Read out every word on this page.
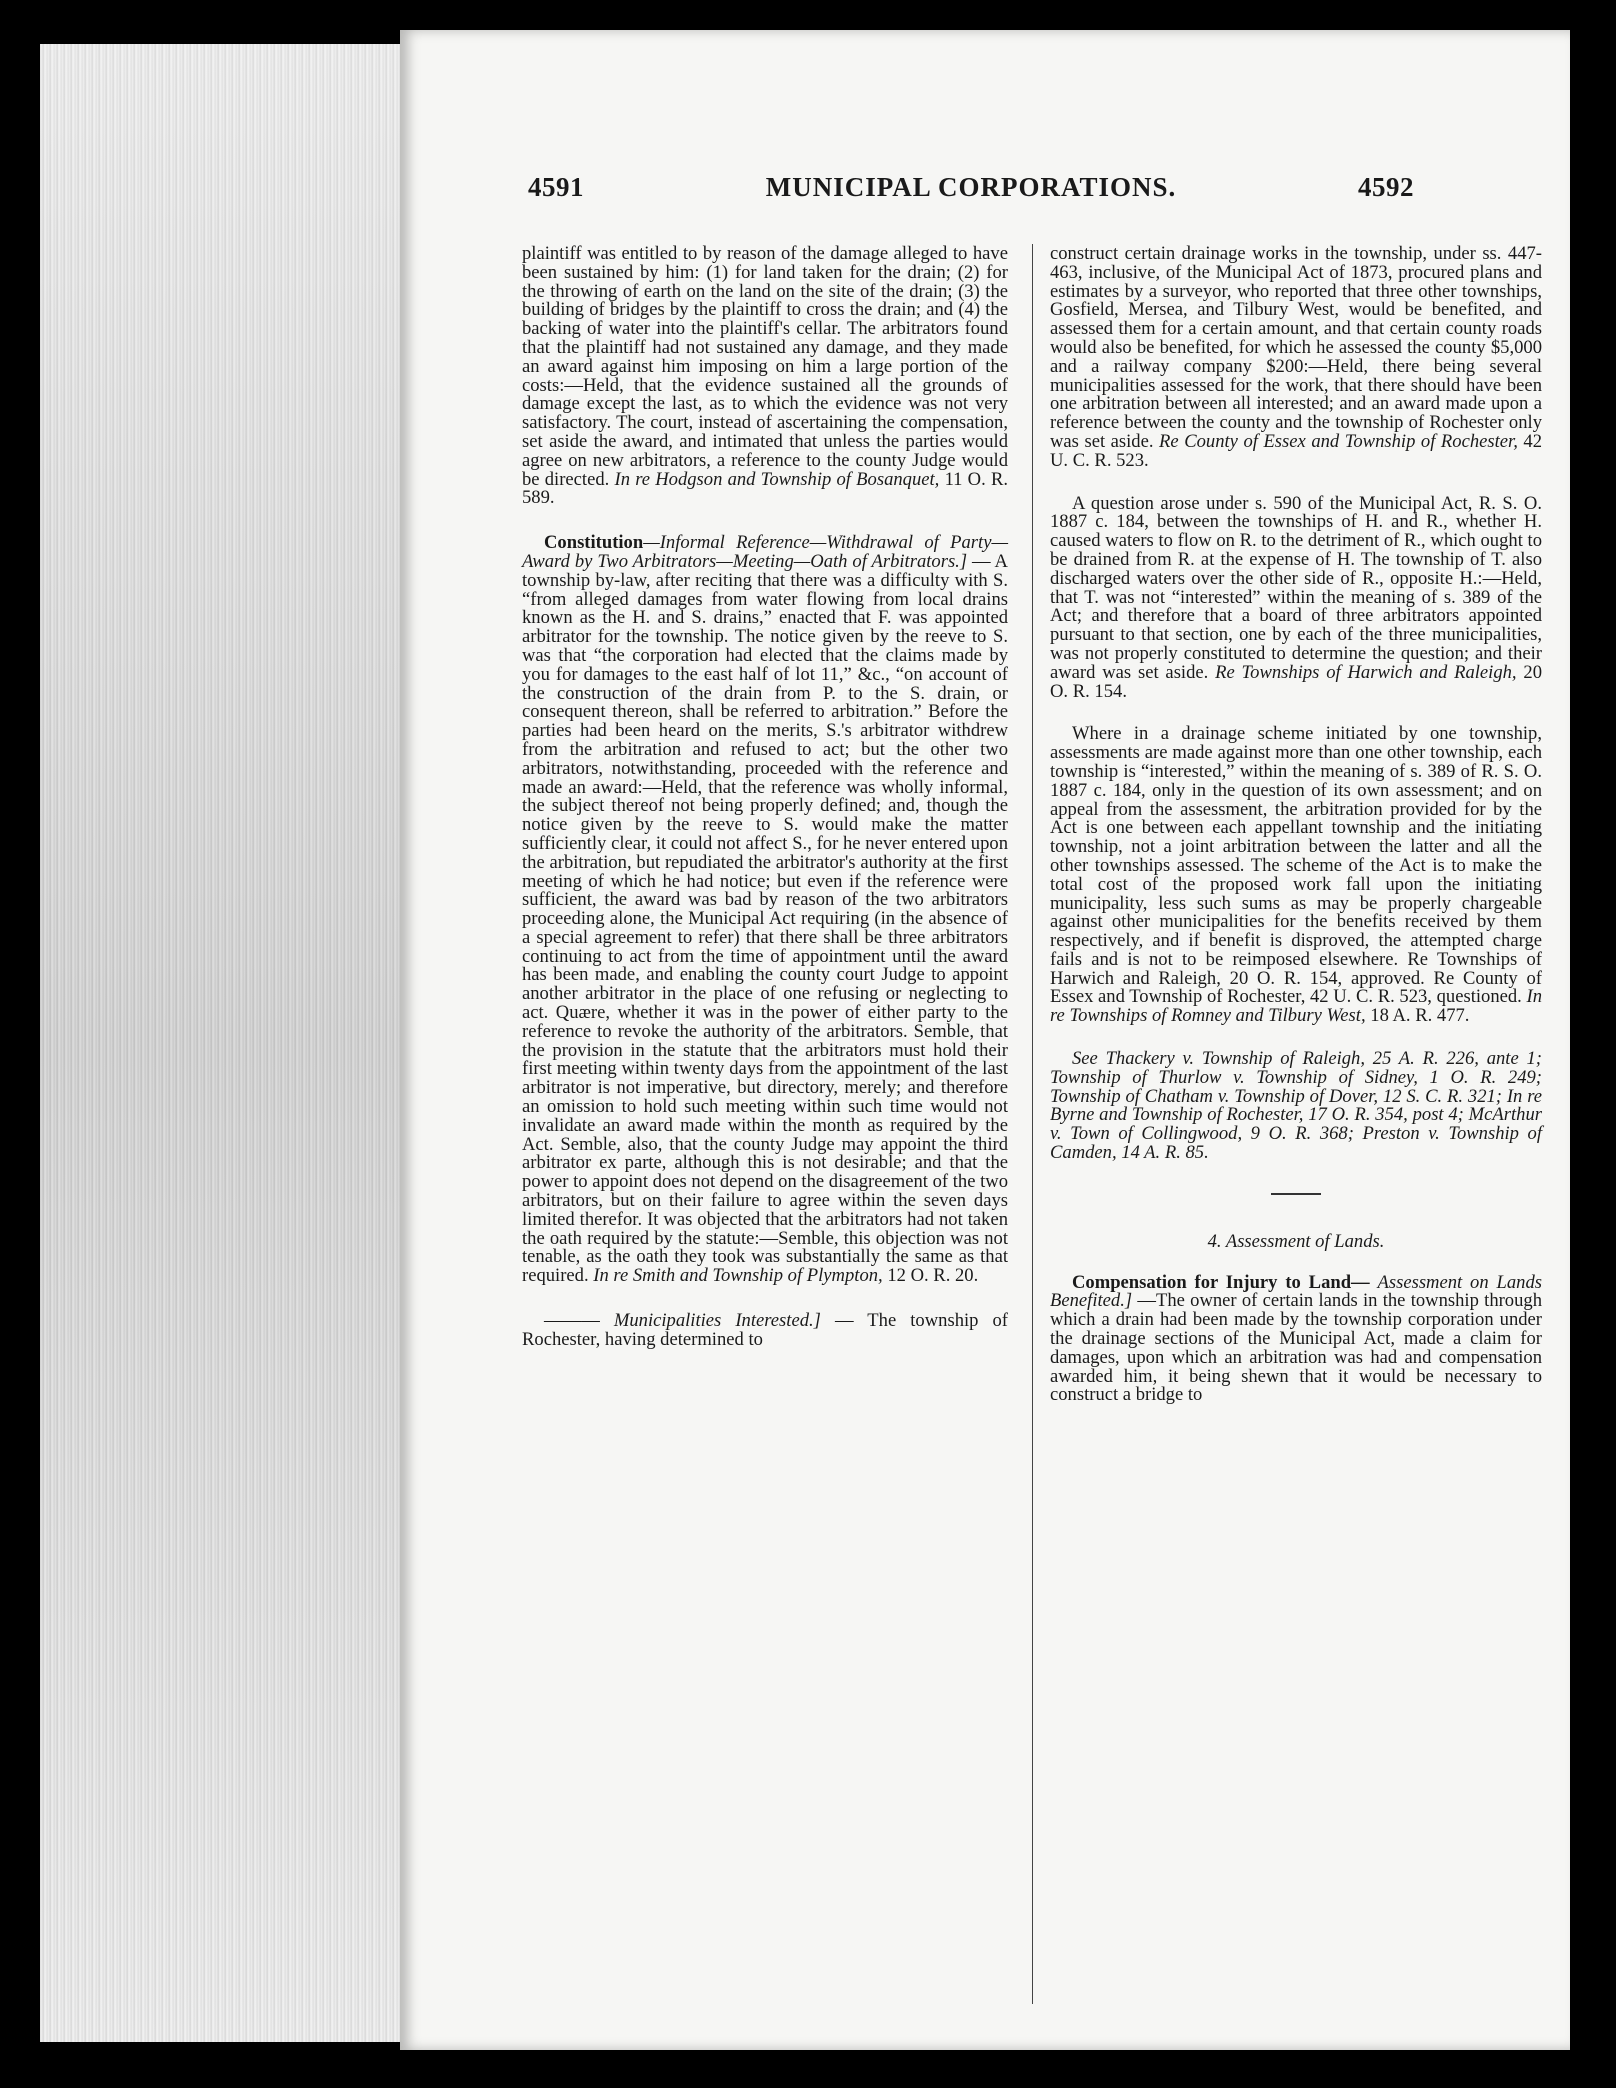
4591	MUNICIPAL CORPORATIONS.	4592

plaintiff was entitled to by reason of the damage alleged to have been sustained by him: (1) for land taken for the drain; (2) for the throwing of earth on the land on the site of the drain; (3) the building of bridges by the plaintiff to cross the drain; and (4) the backing of water into the plaintiff's cellar. The arbitrators found that the plaintiff had not sustained any damage, and they made an award against him imposing on him a large portion of the costs:—Held, that the evidence sustained all the grounds of damage except the last, as to which the evidence was not very satisfactory. The court, instead of ascertaining the compensation, set aside the award, and intimated that unless the parties would agree on new arbitrators, a reference to the county Judge would be directed. In re Hodgson and Township of Bosanquet, 11 O. R. 589.

Constitution—Informal Reference—Withdrawal of Party—Award by Two Arbitrators—Meeting—Oath of Arbitrators.] — A township by-law, after reciting that there was a difficulty with S. “from alleged damages from water flowing from local drains known as the H. and S. drains,” enacted that F. was appointed arbitrator for the township. The notice given by the reeve to S. was that “the corporation had elected that the claims made by you for damages to the east half of lot 11,” &c., “on account of the construction of the drain from P. to the S. drain, or consequent thereon, shall be referred to arbitration.” Before the parties had been heard on the merits, S.'s arbitrator withdrew from the arbitration and refused to act; but the other two arbitrators, notwithstanding, proceeded with the reference and made an award:—Held, that the reference was wholly informal, the subject thereof not being properly defined; and, though the notice given by the reeve to S. would make the matter sufficiently clear, it could not affect S., for he never entered upon the arbitration, but repudiated the arbitrator's authority at the first meeting of which he had notice; but even if the reference were sufficient, the award was bad by reason of the two arbitrators proceeding alone, the Municipal Act requiring (in the absence of a special agreement to refer) that there shall be three arbitrators continuing to act from the time of appointment until the award has been made, and enabling the county court Judge to appoint another arbitrator in the place of one refusing or neglecting to act. Quære, whether it was in the power of either party to the reference to revoke the authority of the arbitrators. Semble, that the provision in the statute that the arbitrators must hold their first meeting within twenty days from the appointment of the last arbitrator is not imperative, but directory, merely; and therefore an omission to hold such meeting within such time would not invalidate an award made within the month as required by the Act. Semble, also, that the county Judge may appoint the third arbitrator ex parte, although this is not desirable; and that the power to appoint does not depend on the disagreement of the two arbitrators, but on their failure to agree within the seven days limited therefor. It was objected that the arbitrators had not taken the oath required by the statute:—Semble, this objection was not tenable, as the oath they took was substantially the same as that required. In re Smith and Township of Plympton, 12 O. R. 20.

——— Municipalities Interested.] — The township of Rochester, having determined to

construct certain drainage works in the township, under ss. 447-463, inclusive, of the Municipal Act of 1873, procured plans and estimates by a surveyor, who reported that three other townships, Gosfield, Mersea, and Tilbury West, would be benefited, and assessed them for a certain amount, and that certain county roads would also be benefited, for which he assessed the county $5,000 and a railway company $200:—Held, there being several municipalities assessed for the work, that there should have been one arbitration between all interested; and an award made upon a reference between the county and the township of Rochester only was set aside. Re County of Essex and Township of Rochester, 42 U. C. R. 523.

A question arose under s. 590 of the Municipal Act, R. S. O. 1887 c. 184, between the townships of H. and R., whether H. caused waters to flow on R. to the detriment of R., which ought to be drained from R. at the expense of H. The township of T. also discharged waters over the other side of R., opposite H.:—Held, that T. was not “interested” within the meaning of s. 389 of the Act; and therefore that a board of three arbitrators appointed pursuant to that section, one by each of the three municipalities, was not properly constituted to determine the question; and their award was set aside. Re Townships of Harwich and Raleigh, 20 O. R. 154.

Where in a drainage scheme initiated by one township, assessments are made against more than one other township, each township is “interested,” within the meaning of s. 389 of R. S. O. 1887 c. 184, only in the question of its own assessment; and on appeal from the assessment, the arbitration provided for by the Act is one between each appellant township and the initiating township, not a joint arbitration between the latter and all the other townships assessed. The scheme of the Act is to make the total cost of the proposed work fall upon the initiating municipality, less such sums as may be properly chargeable against other municipalities for the benefits received by them respectively, and if benefit is disproved, the attempted charge fails and is not to be reimposed elsewhere. Re Townships of Harwich and Raleigh, 20 O. R. 154, approved. Re County of Essex and Township of Rochester, 42 U. C. R. 523, questioned. In re Townships of Romney and Tilbury West, 18 A. R. 477.

See Thackery v. Township of Raleigh, 25 A. R. 226, ante 1; Township of Thurlow v. Township of Sidney, 1 O. R. 249; Township of Chatham v. Township of Dover, 12 S. C. R. 321; In re Byrne and Township of Rochester, 17 O. R. 354, post 4; McArthur v. Town of Collingwood, 9 O. R. 368; Preston v. Township of Camden, 14 A. R. 85.

4. Assessment of Lands.

Compensation for Injury to Land— Assessment on Lands Benefited.] —The owner of certain lands in the township through which a drain had been made by the township corporation under the drainage sections of the Municipal Act, made a claim for damages, upon which an arbitration was had and compensation awarded him, it being shewn that it would be necessary to construct a bridge to
